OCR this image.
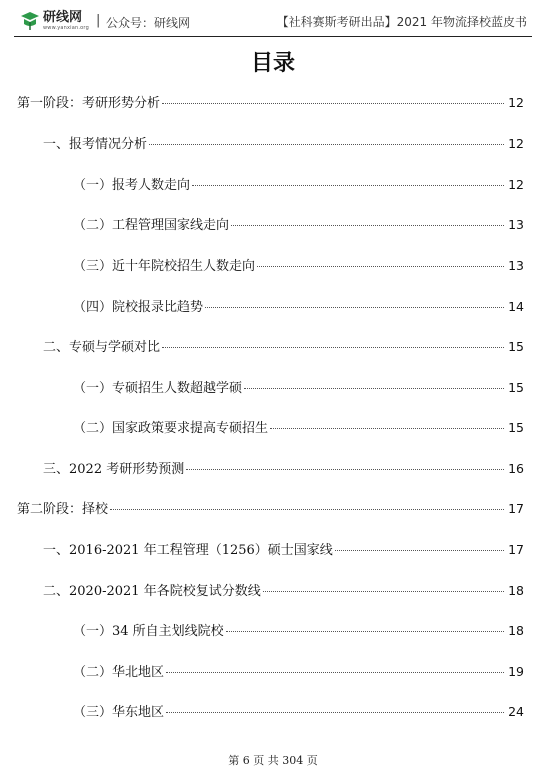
研线网
www.yanxian.org | 公众号：研线网	【社科赛斯考研出品】2021 年物流择校蓝皮书
目录
第一阶段：考研形势分析	12
一、报考情况分析	12
（一）报考人数走向	12
（二）工程管理国家线走向	13
（三）近十年院校招生人数走向	13
（四）院校报录比趋势	14
二、专硕与学硕对比	15
（一）专硕招生人数超越学硕	15
（二）国家政策要求提高专硕招生	15
三、2022 考研形势预测	16
第二阶段：择校	17
一、2016-2021 年工程管理（1256）硕士国家线	17
二、2020-2021 年各院校复试分数线	18
（一）34 所自主划线院校	18
（二）华北地区	19
（三）华东地区	24
第 6 页 共 304 页
